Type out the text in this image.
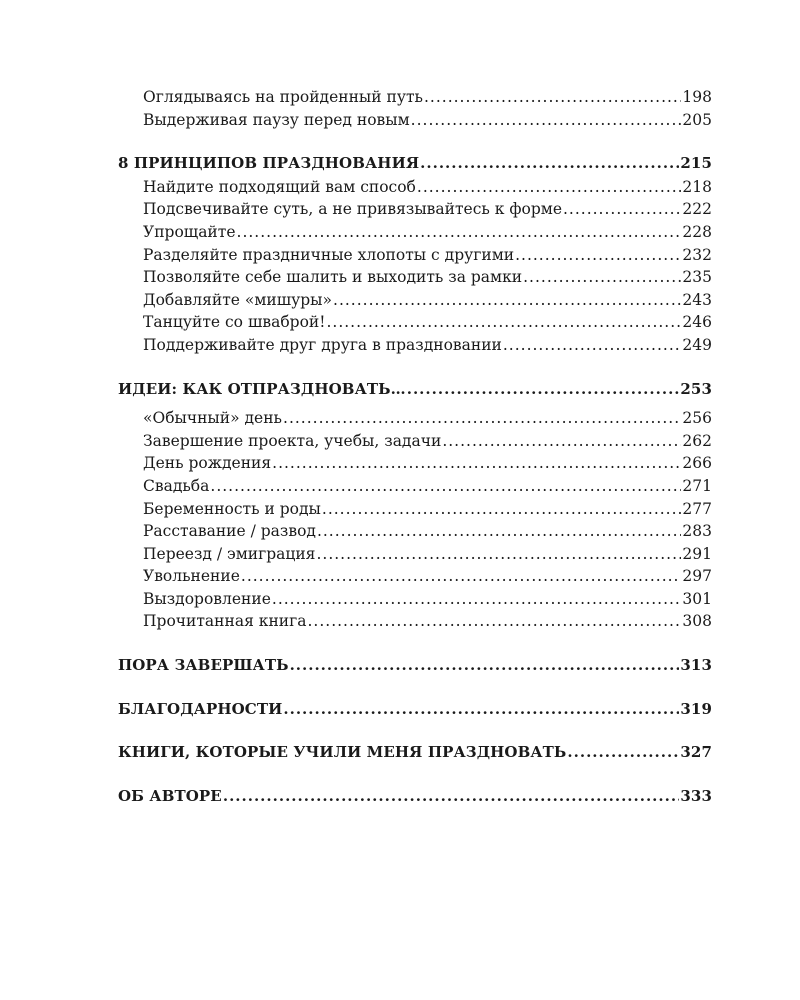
Оглядываясь на пройденный путь .....	198
Выдерживая паузу перед новым .....	205
8 ПРИНЦИПОВ ПРАЗДНОВАНИЯ .....	215
Найдите подходящий вам способ .....	218
Подсвечивайте суть, а не привязывайтесь к форме .....	222
Упрощайте .....	228
Разделяйте праздничные хлопоты с другими .....	232
Позволяйте себе шалить и выходить за рамки .....	235
Добавляйте «мишуры» .....	243
Танцуйте со шваброй! .....	246
Поддерживайте друг друга в праздновании .....	249
ИДЕИ: КАК ОТПРАЗДНОВАТЬ… .....	253
«Обычный» день .....	256
Завершение проекта, учебы, задачи .....	262
День рождения .....	266
Свадьба .....	271
Беременность и роды .....	277
Расставание / развод .....	283
Переезд / эмиграция .....	291
Увольнение .....	297
Выздоровление .....	301
Прочитанная книга .....	308
ПОРА ЗАВЕРШАТЬ .....	313
БЛАГОДАРНОСТИ .....	319
КНИГИ, КОТОРЫЕ УЧИЛИ МЕНЯ ПРАЗДНОВАТЬ .....	327
ОБ АВТОРЕ .....	333
